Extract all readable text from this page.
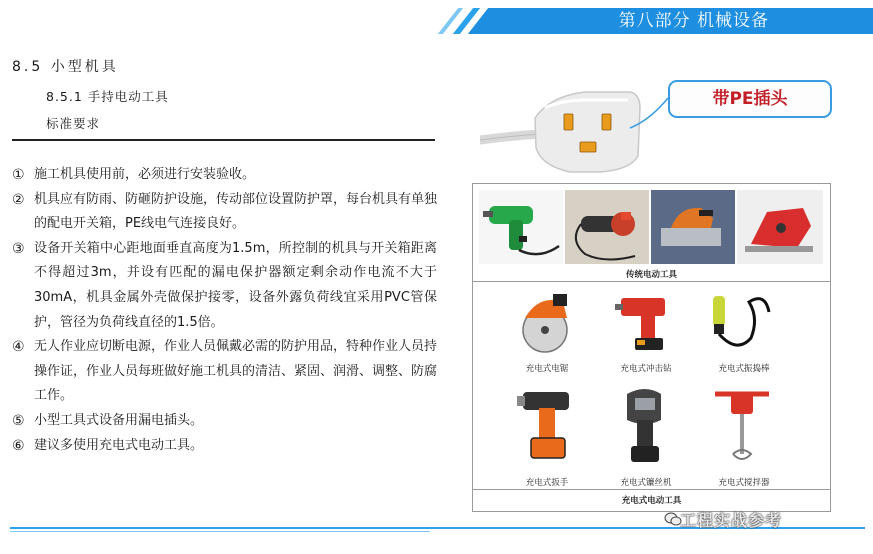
第八部分 机械设备
8.5 小型机具
8.5.1 手持电动工具
标准要求
① 施工机具使用前，必须进行安装验收。
② 机具应有防雨、防砸防护设施，传动部位设置防护罩，每台机具有单独的配电开关箱，PE线电气连接良好。
③ 设备开关箱中心距地面垂直高度为1.5m，所控制的机具与开关箱距离不得超过3m，并设有匹配的漏电保护器额定剩余动作电流不大于30mA，机具金属外壳做保护接零，设备外露负荷线宜采用PVC管保护，管径为负荷线直径的1.5倍。
④ 无人作业应切断电源，作业人员佩戴必需的防护用品，特种作业人员持操作证，作业人员每班做好施工机具的清洁、紧固、润滑、调整、防腐工作。
⑤ 小型工具式设备用漏电插头。
⑥ 建议多使用充电式电动工具。
带PE插头
传统电动工具
充电式电锯	充电式冲击钻	充电式振捣棒
充电式扳手	充电式镰丝机	充电式搅拌器
充电式电动工具
工程实战参考
